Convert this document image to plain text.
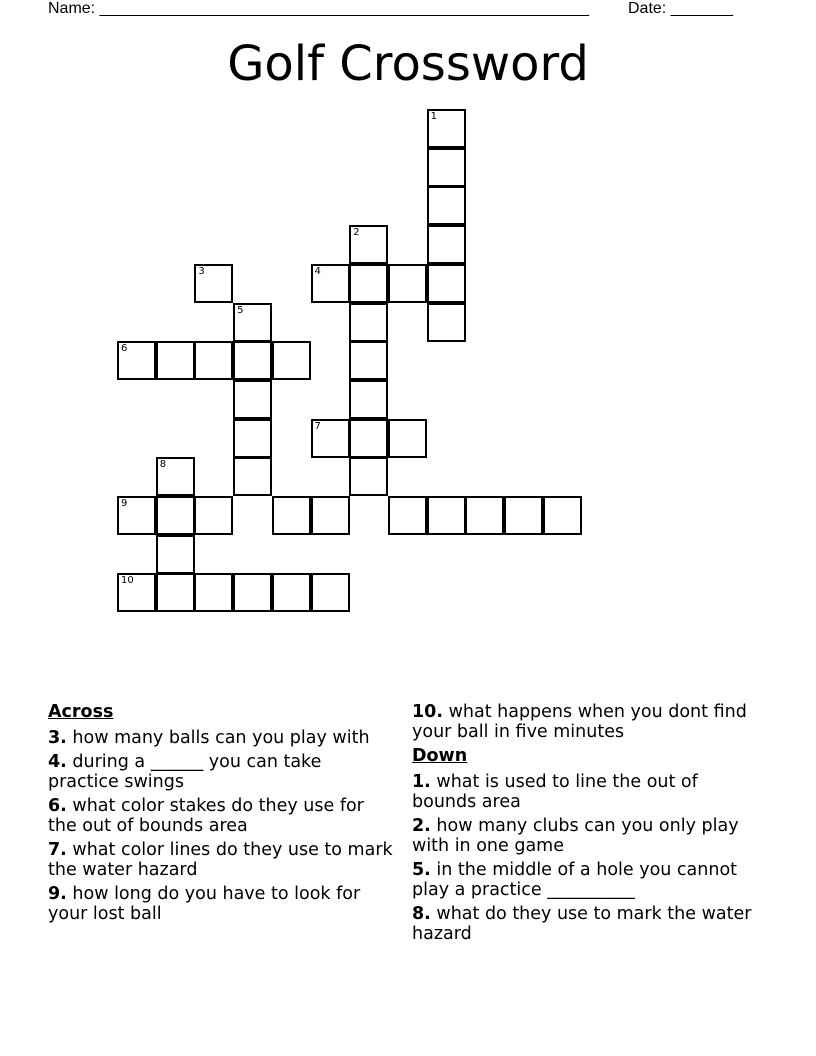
Name: _______________________________________________________ Date: _______
Golf Crossword
1
2
3	4
5
6
7
8
9
10
Across
3. how many balls can you play with
4. during a ______ you can take practice swings
6. what color stakes do they use for the out of bounds area
7. what color lines do they use to mark the water hazard
9. how long do you have to look for your lost ball
10. what happens when you dont find your ball in five minutes
Down
1. what is used to line the out of bounds area
2. how many clubs can you only play with in one game
5. in the middle of a hole you cannot play a practice __________
8. what do they use to mark the water hazard
